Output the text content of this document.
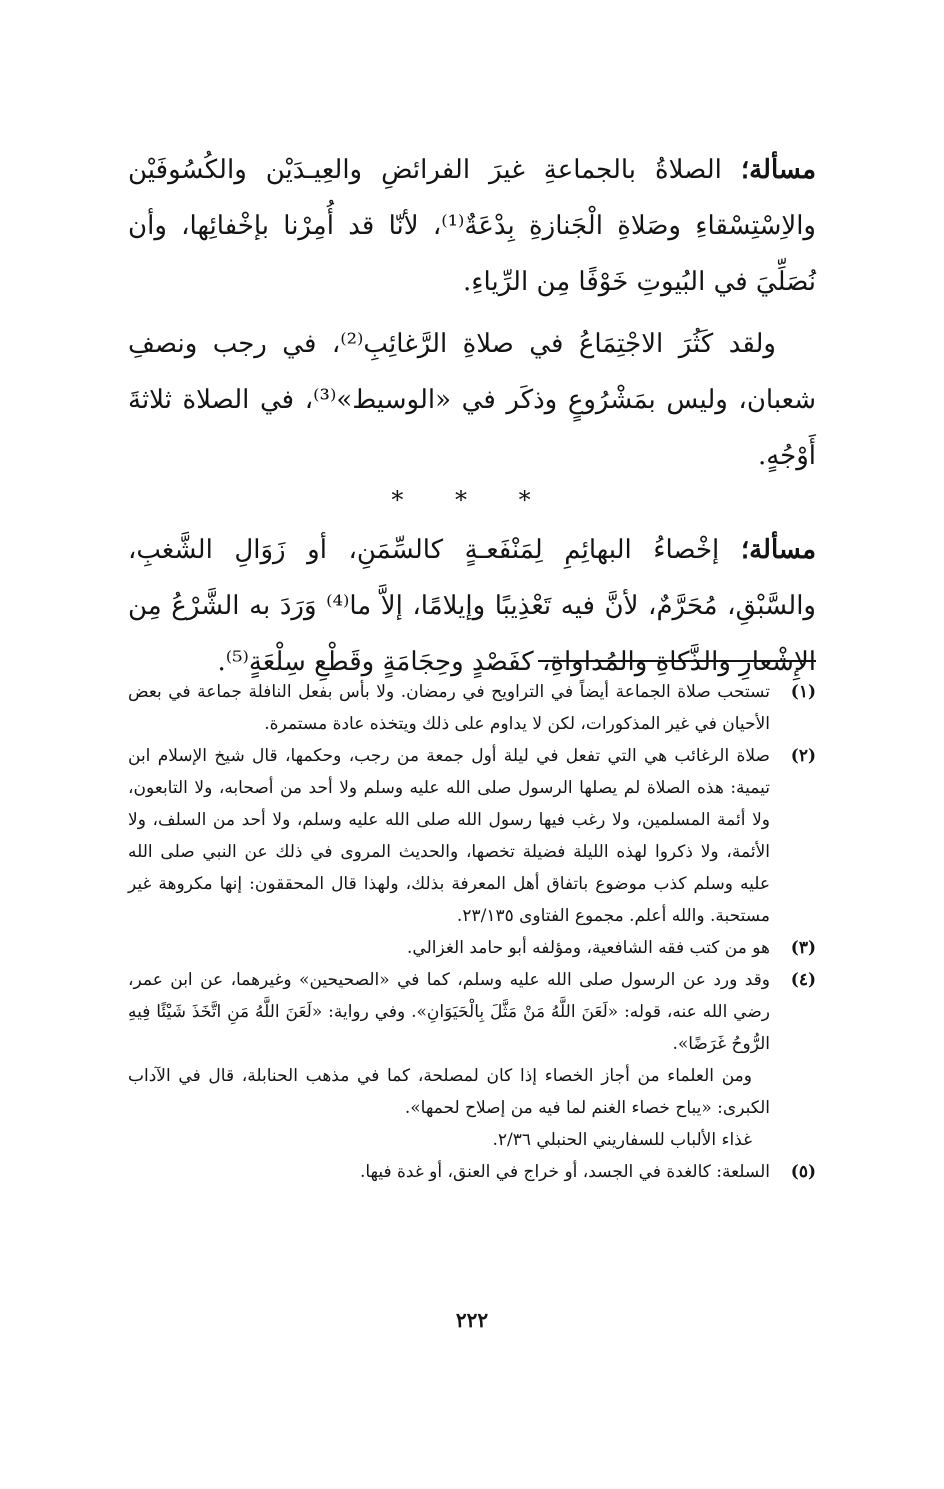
مسألة؛ الصلاةُ بالجماعةِ غيرَ الفرائضِ والعِيـدَيْن والكُسُوفَيْن والاِسْتِسْقاءِ وصَلاةِ الْجَنازةِ بِدْعَةٌ⁽¹⁾، لأنّا قد أُمِرْنا بإخْفائِها، وأن نُصَلِّيَ في البُيوتِ خَوْفًا مِن الرِّياءِ.

ولقد كَثُرَ الاجْتِمَاعُ في صلاةِ الرَّغائِبِ⁽²⁾، في رجب ونصفِ شعبان، وليس بمَشْرُوعٍ وذكَر في «الوسيط»⁽³⁾، في الصلاة ثلاثةَ أَوْجُهٍ.

* * *

مسألة؛ إخْصاءُ البهائِمِ لِمَنْفَعـةٍ كالسِّمَنِ، أو زَوَالِ الشَّغبِ، والسَّبْقِ، مُحَرَّمٌ، لأنَّ فيه تَعْذِيبًا وإيلامًا، إلاَّ ما⁽⁴⁾ وَرَدَ به الشَّرْعُ مِن الإِشْعارِ والذَّكاةِ والمُداواةِ، كفَصْدٍ وحِجَامَةٍ وقَطْعِ سِلْعَةٍ⁽⁵⁾.

(١)
تستحب صلاة الجماعة أيضاً في التراويح في رمضان. ولا بأس بفعل النافلة جماعة في بعض الأحيان في غير المذكورات، لكن لا يداوم على ذلك ويتخذه عادة مستمرة.
(٢)
صلاة الرغائب هي التي تفعل في ليلة أول جمعة من رجب، وحكمها، قال شيخ الإسلام ابن تيمية: هذه الصلاة لم يصلها الرسول صلى الله عليه وسلم ولا أحد من أصحابه، ولا التابعون، ولا أئمة المسلمين، ولا رغب فيها رسول الله صلى الله عليه وسلم، ولا أحد من السلف، ولا الأئمة، ولا ذكروا لهذه الليلة فضيلة تخصها، والحديث المروى في ذلك عن النبي صلى الله عليه وسلم كذب موضوع باتفاق أهل المعرفة بذلك، ولهذا قال المحققون: إنها مكروهة غير مستحبة. والله أعلم. مجموع الفتاوى ٢٣/١٣٥.
(٣)
هو من كتب فقه الشافعية، ومؤلفه أبو حامد الغزالي.
(٤)
وقد ورد عن الرسول صلى الله عليه وسلم، كما في «الصحيحين» وغيرهما، عن ابن عمر، رضي الله عنه، قوله: «لَعَنَ اللَّهُ مَنْ مَثَّلَ بِالْحَيَوَانِ». وفي رواية: «لَعَنَ اللَّهُ مَنِ اتَّخَذَ شَيْئًا فِيهِ الرُّوحُ غَرَضًا».
ومن العلماء من أجاز الخصاء إذا كان لمصلحة، كما في مذهب الحنابلة، قال في الآداب الكبرى: «يباح خصاء الغنم لما فيه من إصلاح لحمها».
غذاء الألباب للسفاريني الحنبلي ٢/٣٦.
(٥)
السلعة: كالغدة في الجسد، أو خراج في العنق، أو غدة فيها.
٢٢٢
